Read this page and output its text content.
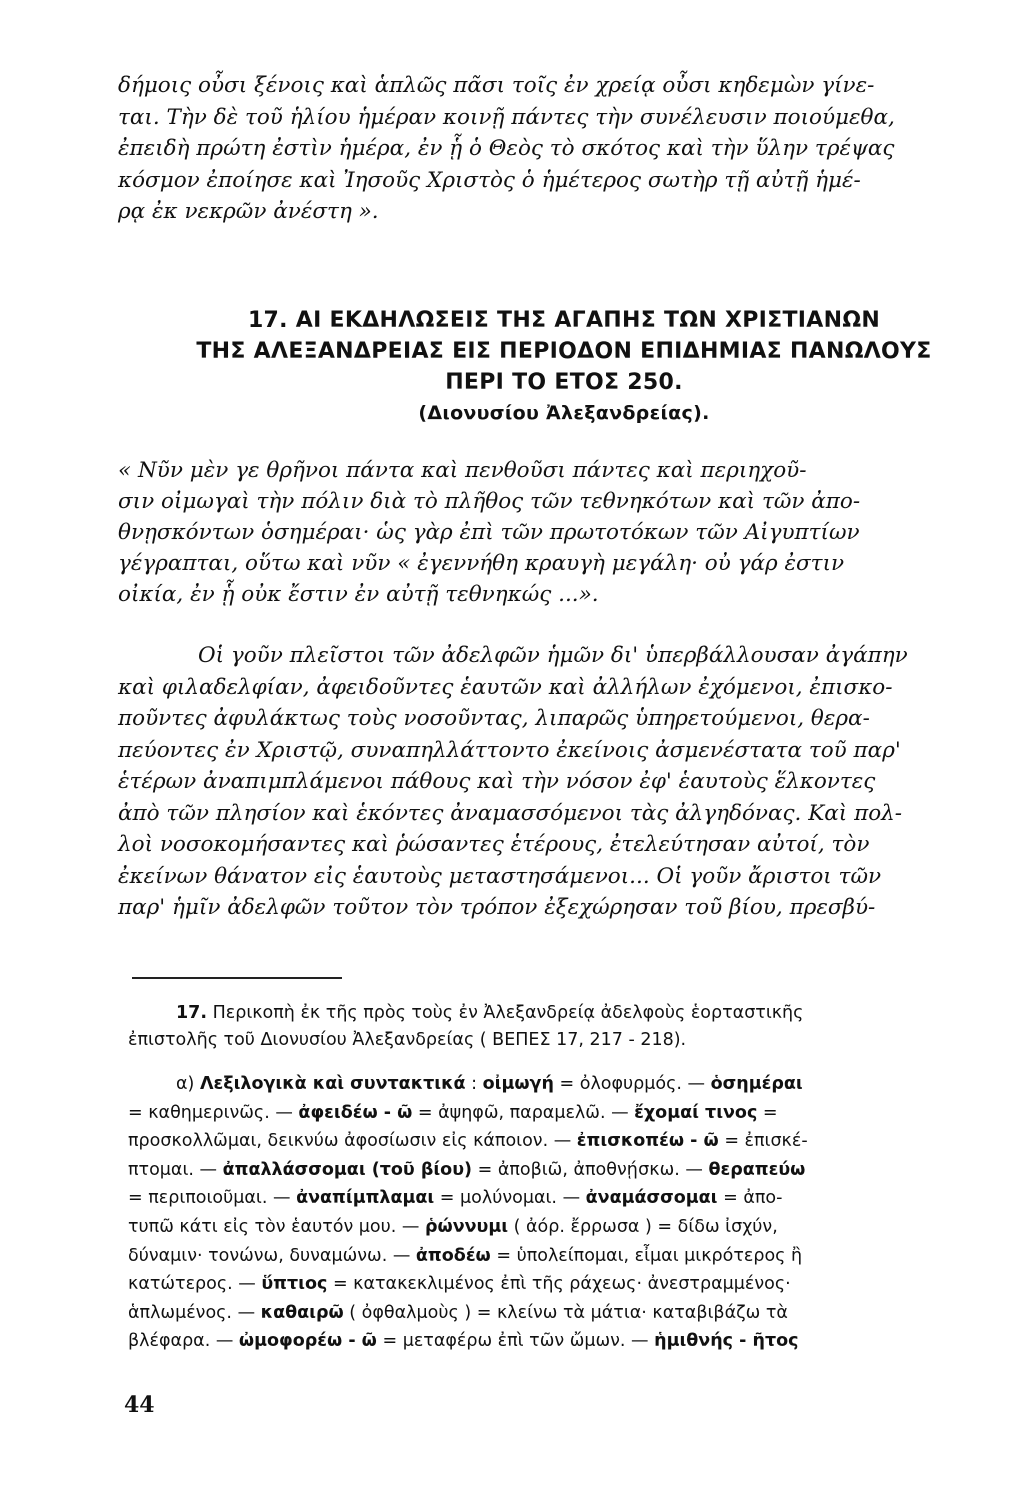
δήμοις οὖσι ξένοις καὶ ἁπλῶς πᾶσι τοῖς ἐν χρείᾳ οὖσι κηδεμὼν γίνε-
ται. Τὴν δὲ τοῦ ἡλίου ἡμέραν κοινῇ πάντες τὴν συνέλευσιν ποιούμεθα,
ἐπειδὴ πρώτη ἐστὶν ἡμέρα, ἐν ᾗ ὁ Θεὸς τὸ σκότος καὶ τὴν ὕλην τρέψας
κόσμον ἐποίησε καὶ Ἰησοῦς Χριστὸς ὁ ἡμέτερος σωτὴρ τῇ αὐτῇ ἡμέ-
ρᾳ ἐκ νεκρῶν ἀνέστη ».
17. ΑΙ ΕΚΔΗΛΩΣΕΙΣ ΤΗΣ ΑΓΑΠΗΣ ΤΩΝ ΧΡΙΣΤΙΑΝΩΝ
ΤΗΣ ΑΛΕΞΑΝΔΡΕΙΑΣ ΕΙΣ ΠΕΡΙΟΔΟΝ ΕΠΙΔΗΜΙΑΣ ΠΑΝΩΛΟΥΣ
ΠΕΡΙ ΤΟ ΕΤΟΣ 250.
(Διονυσίου Ἀλεξανδρείας).
« Νῦν μὲν γε θρῆνοι πάντα καὶ πενθοῦσι πάντες καὶ περιηχοῦ-
σιν οἰμωγαὶ τὴν πόλιν διὰ τὸ πλῆθος τῶν τεθνηκότων καὶ τῶν ἀπο-
θνῃσκόντων ὁσημέραι· ὡς γὰρ ἐπὶ τῶν πρωτοτόκων τῶν Αἰγυπτίων
γέγραπται, οὕτω καὶ νῦν « ἐγεννήθη κραυγὴ μεγάλη· οὐ γάρ ἐστιν
οἰκία, ἐν ᾗ οὐκ ἔστιν ἐν αὐτῇ τεθνηκώς ...».
Οἱ γοῦν πλεῖστοι τῶν ἀδελφῶν ἡμῶν δι' ὑπερβάλλουσαν ἀγάπην
καὶ φιλαδελφίαν, ἀφειδοῦντες ἑαυτῶν καὶ ἀλλήλων ἐχόμενοι, ἐπισκο-
ποῦντες ἀφυλάκτως τοὺς νοσοῦντας, λιπαρῶς ὑπηρετούμενοι, θερα-
πεύοντες ἐν Χριστῷ, συναπηλλάττοντο ἐκείνοις ἀσμενέστατα τοῦ παρ'
ἑτέρων ἀναπιμπλάμενοι πάθους καὶ τὴν νόσον ἐφ' ἑαυτοὺς ἕλκοντες
ἀπὸ τῶν πλησίον καὶ ἑκόντες ἀναμασσόμενοι τὰς ἀλγηδόνας. Καὶ πολ-
λοὶ νοσοκομήσαντες καὶ ῥώσαντες ἑτέρους, ἐτελεύτησαν αὐτοί, τὸν
ἐκείνων θάνατον εἰς ἑαυτοὺς μεταστησάμενοι... Οἱ γοῦν ἄριστοι τῶν
παρ' ἡμῖν ἀδελφῶν τοῦτον τὸν τρόπον ἐξεχώρησαν τοῦ βίου, πρεσβύ-
17. Περικοπὴ ἐκ τῆς πρὸς τοὺς ἐν Ἀλεξανδρείᾳ ἀδελφοὺς ἑορταστικῆς
ἐπιστολῆς τοῦ Διονυσίου Ἀλεξανδρείας ( ΒΕΠΕΣ 17, 217 - 218).
α) Λεξιλογικὰ καὶ συντακτικά : οἰμωγή = ὀλοφυρμός. — ὁσημέραι
= καθημερινῶς. — ἀφειδέω - ῶ = ἀψηφῶ, παραμελῶ. — ἔχομαί τινος =
προσκολλῶμαι, δεικνύω ἀφοσίωσιν εἰς κάποιον. — ἐπισκοπέω - ῶ = ἐπισκέ-
πτομαι. — ἀπαλλάσσομαι (τοῦ βίου) = ἀποβιῶ, ἀποθνῄσκω. — θεραπεύω
= περιποιοῦμαι. — ἀναπίμπλαμαι = μολύνομαι. — ἀναμάσσομαι = ἀπο-
τυπῶ κάτι εἰς τὸν ἑαυτόν μου. — ῥώννυμι ( ἀόρ. ἔρρωσα ) = δίδω ἰσχύν,
δύναμιν· τονώνω, δυναμώνω. — ἀποδέω = ὑπολείπομαι, εἶμαι μικρότερος ἢ
κατώτερος. — ὕπτιος = κατακεκλιμένος ἐπὶ τῆς ράχεως· ἀνεστραμμένος·
ἁπλωμένος. — καθαιρῶ ( ὀφθαλμοὺς ) = κλείνω τὰ μάτια· καταβιβάζω τὰ
βλέφαρα. — ὠμοφορέω - ῶ = μεταφέρω ἐπὶ τῶν ὤμων. — ἡμιθνής - ῆτος
44
